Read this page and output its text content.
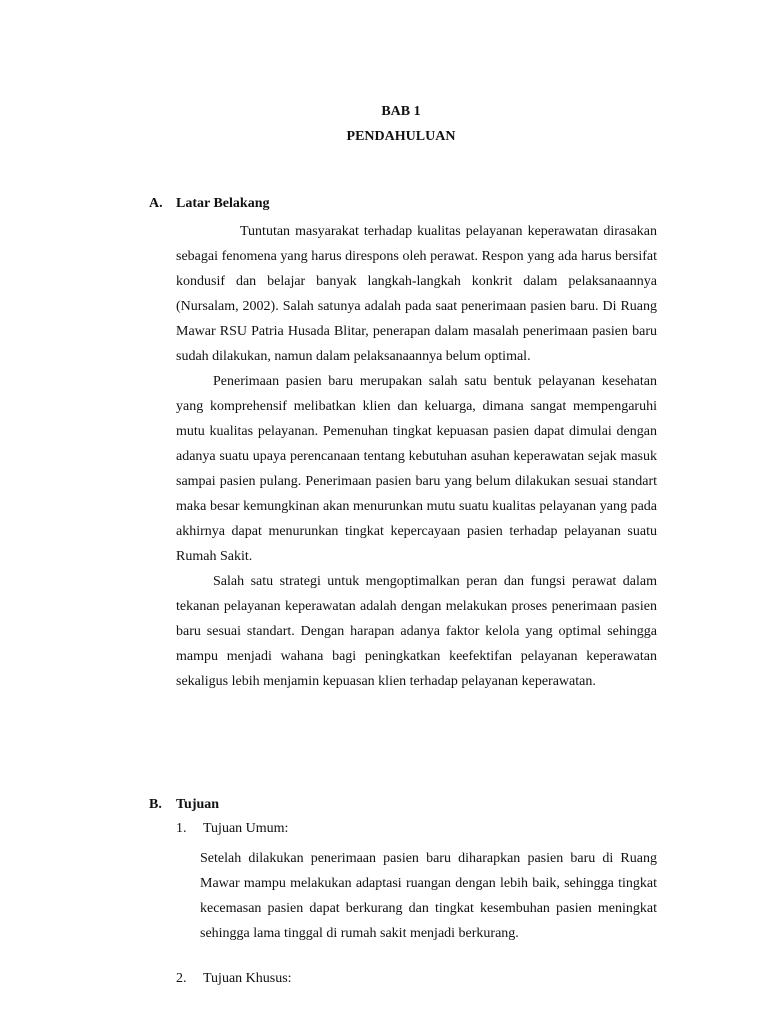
BAB 1
PENDAHULUAN
A. Latar Belakang

Tuntutan masyarakat terhadap kualitas pelayanan keperawatan dirasakan sebagai fenomena yang harus direspons oleh perawat. Respon yang ada harus bersifat kondusif dan belajar banyak langkah-langkah konkrit dalam pelaksanaannya (Nursalam, 2002). Salah satunya adalah pada saat penerimaan pasien baru. Di Ruang Mawar RSU Patria Husada Blitar, penerapan dalam masalah penerimaan pasien baru sudah dilakukan, namun dalam pelaksanaannya belum optimal.

Penerimaan pasien baru merupakan salah satu bentuk pelayanan kesehatan yang komprehensif melibatkan klien dan keluarga, dimana sangat mempengaruhi mutu kualitas pelayanan. Pemenuhan tingkat kepuasan pasien dapat dimulai dengan adanya suatu upaya perencanaan tentang kebutuhan asuhan keperawatan sejak masuk sampai pasien pulang. Penerimaan pasien baru yang belum dilakukan sesuai standart maka besar kemungkinan akan menurunkan mutu suatu kualitas pelayanan yang pada akhirnya dapat menurunkan tingkat kepercayaan pasien terhadap pelayanan suatu Rumah Sakit.

Salah satu strategi untuk mengoptimalkan peran dan fungsi perawat dalam tekanan pelayanan keperawatan adalah dengan melakukan proses penerimaan pasien baru sesuai standart. Dengan harapan adanya faktor kelola yang optimal sehingga mampu menjadi wahana bagi peningkatkan keefektifan pelayanan keperawatan sekaligus lebih menjamin kepuasan klien terhadap pelayanan keperawatan.

B. Tujuan
1. Tujuan Umum:

Setelah dilakukan penerimaan pasien baru diharapkan pasien baru di Ruang Mawar mampu melakukan adaptasi ruangan dengan lebih baik, sehingga tingkat kecemasan pasien dapat berkurang dan tingkat kesembuhan pasien meningkat sehingga lama tinggal di rumah sakit menjadi berkurang.

2. Tujuan Khusus:
